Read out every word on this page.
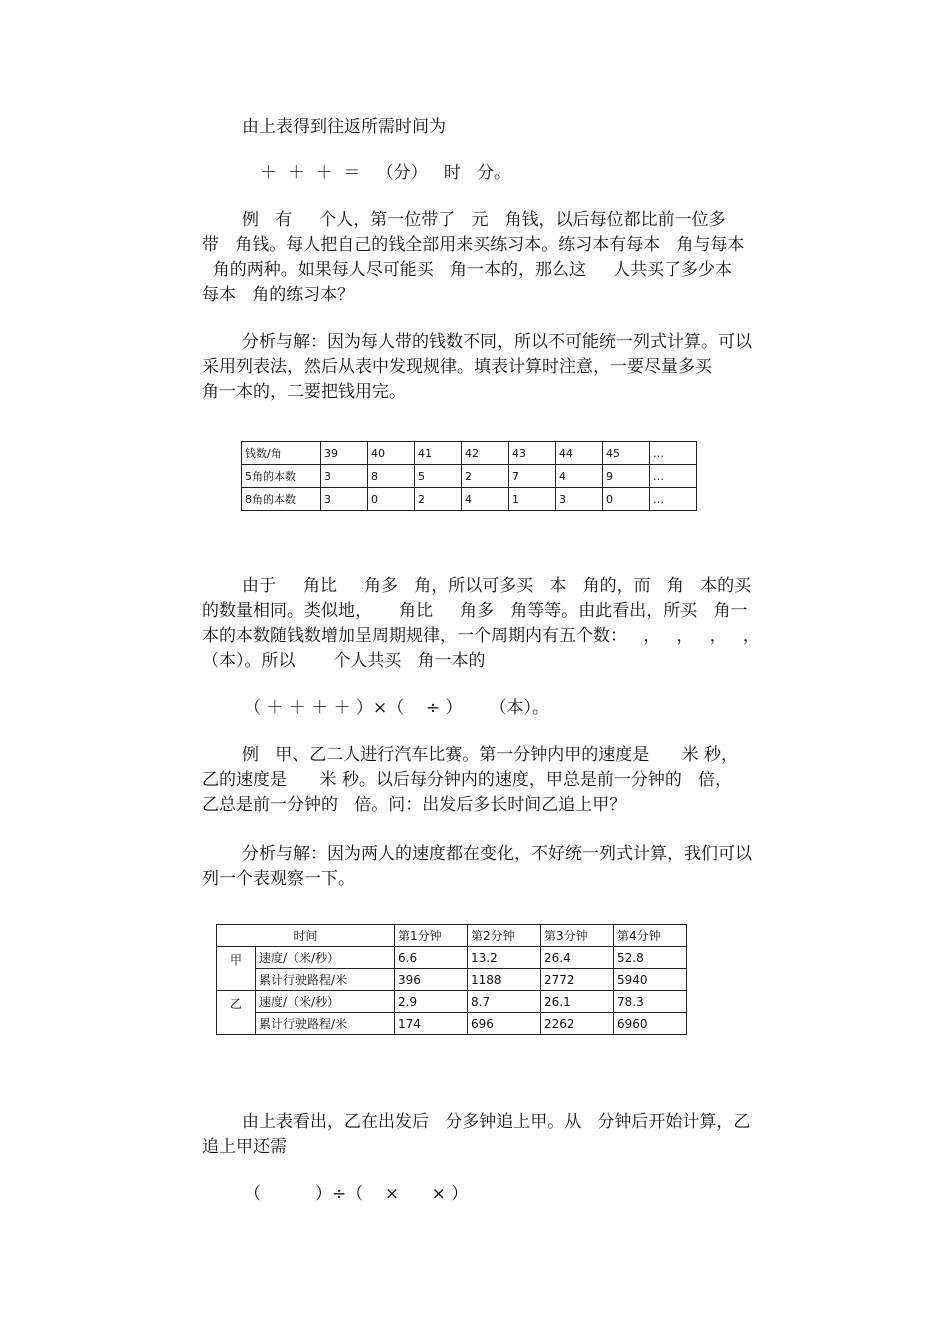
由上表得到往返所需时间为
＋  ＋  ＋  ＝   （分）   时   分。
例   有     个人，第一位带了   元   角钱，以后每位都比前一位多
带   角钱。每人把自己的钱全部用来买练习本。练习本有每本   角与每本
角的两种。如果每人尽可能买   角一本的，那么这     人共买了多少本
每本   角的练习本？
分析与解：因为每人带的钱数不同，所以不可能统一列式计算。可以
采用列表法，然后从表中发现规律。填表计算时注意，一要尽量多买
角一本的，二要把钱用完。
钱数/角	39	40	41	42	43	44	45	…
5角的本数	3	8	5	2	7	4	9	…
8角的本数	3	0	2	4	1	3	0	…
由于     角比     角多   角，所以可多买   本   角的，而   角   本的买
的数量相同。类似地，     角比     角多   角等等。由此看出，所买   角一
本的本数随钱数增加呈周期规律，一个周期内有五个数：   ，   ，   ，   ，
（本）。所以       个人共买   角一本的
（ ＋ ＋ ＋ ＋ ）×（    ÷ ）     （本）。
例   甲、乙二人进行汽车比赛。第一分钟内甲的速度是      米 秒，
乙的速度是      米 秒。以后每分钟内的速度，甲总是前一分钟的   倍，
乙总是前一分钟的   倍。问：出发后多长时间乙追上甲？
分析与解：因为两人的速度都在变化，不好统一列式计算，我们可以
列一个表观察一下。
时间		第1分钟	第2分钟	第3分钟	第4分钟
甲	速度/（米/秒）	6.6	13.2	26.4	52.8
	累计行驶路程/米	396	1188	2772	5940
乙	速度/（米/秒）	2.9	8.7	26.1	78.3
	累计行驶路程/米	174	696	2262	6960
由上表看出，乙在出发后   分多钟追上甲。从   分钟后开始计算，乙
追上甲还需
（          ）÷（    ×      × ）
